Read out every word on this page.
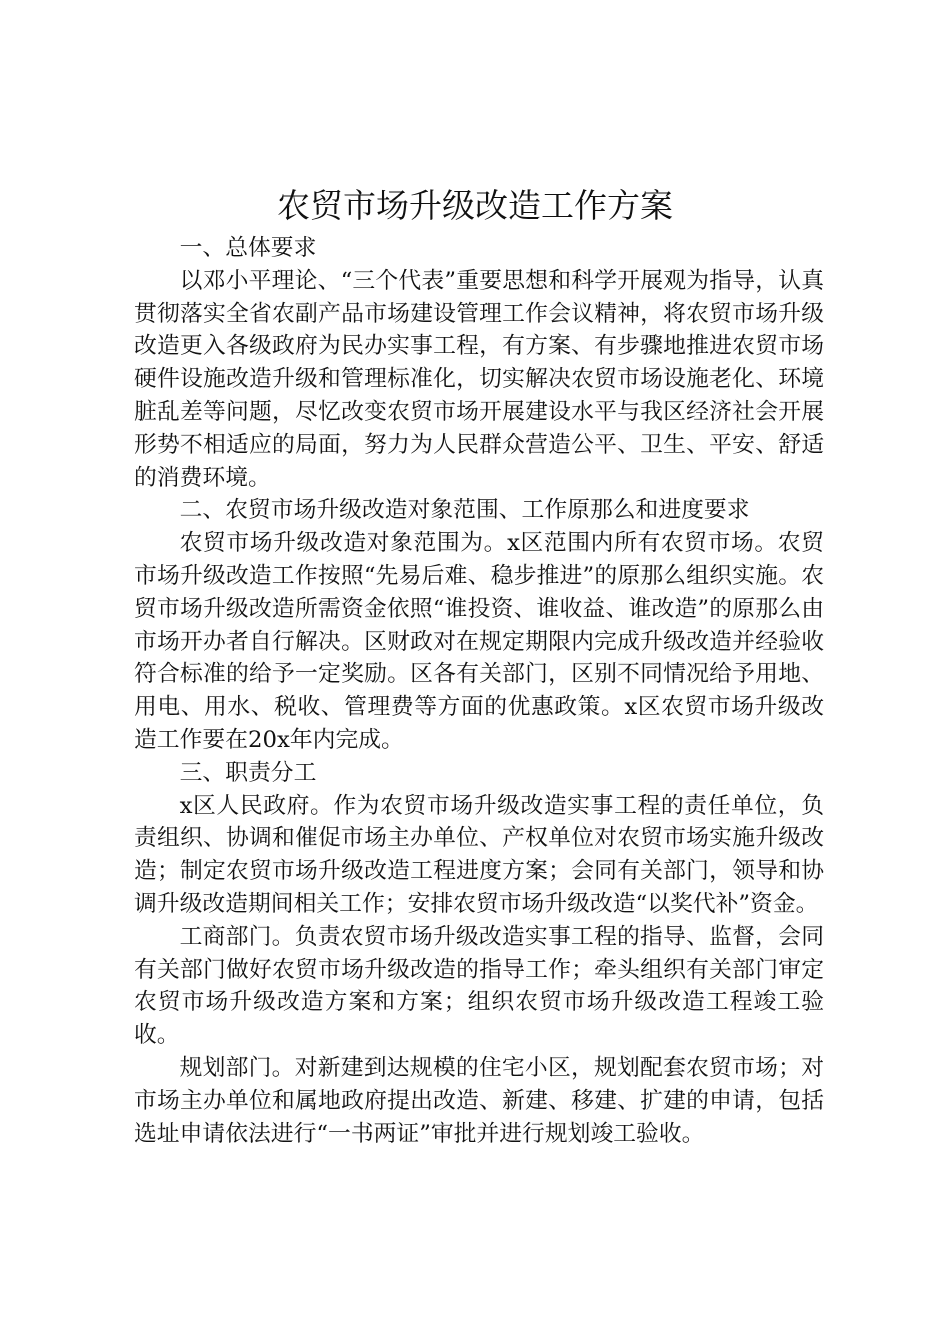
农贸市场升级改造工作方案

一、总体要求

以邓小平理论、“三个代表”重要思想和科学开展观为指导，认真贯彻落实全省农副产品市场建设管理工作会议精神，将农贸市场升级改造更入各级政府为民办实事工程，有方案、有步骤地推进农贸市场硬件设施改造升级和管理标准化，切实解决农贸市场设施老化、环境脏乱差等问题，尽忆改变农贸市场开展建设水平与我区经济社会开展形势不相适应的局面，努力为人民群众营造公平、卫生、平安、舒适的消费环境。

二、农贸市场升级改造对象范围、工作原那么和进度要求

农贸市场升级改造对象范围为。x区范围内所有农贸市场。农贸市场升级改造工作按照“先易后难、稳步推进”的原那么组织实施。农贸市场升级改造所需资金依照“谁投资、谁收益、谁改造”的原那么由市场开办者自行解决。区财政对在规定期限内完成升级改造并经验收符合标准的给予一定奖励。区各有关部门，区别不同情况给予用地、用电、用水、税收、管理费等方面的优惠政策。x区农贸市场升级改造工作要在20x年内完成。

三、职责分工

x区人民政府。作为农贸市场升级改造实事工程的责任单位，负责组织、协调和催促市场主办单位、产权单位对农贸市场实施升级改造；制定农贸市场升级改造工程进度方案；会同有关部门，领导和协调升级改造期间相关工作；安排农贸市场升级改造“以奖代补”资金。

工商部门。负责农贸市场升级改造实事工程的指导、监督，会同有关部门做好农贸市场升级改造的指导工作；牵头组织有关部门审定农贸市场升级改造方案和方案；组织农贸市场升级改造工程竣工验收。

规划部门。对新建到达规模的住宅小区，规划配套农贸市场；对市场主办单位和属地政府提出改造、新建、移建、扩建的申请，包括选址申请依法进行“一书两证”审批并进行规划竣工验收。
